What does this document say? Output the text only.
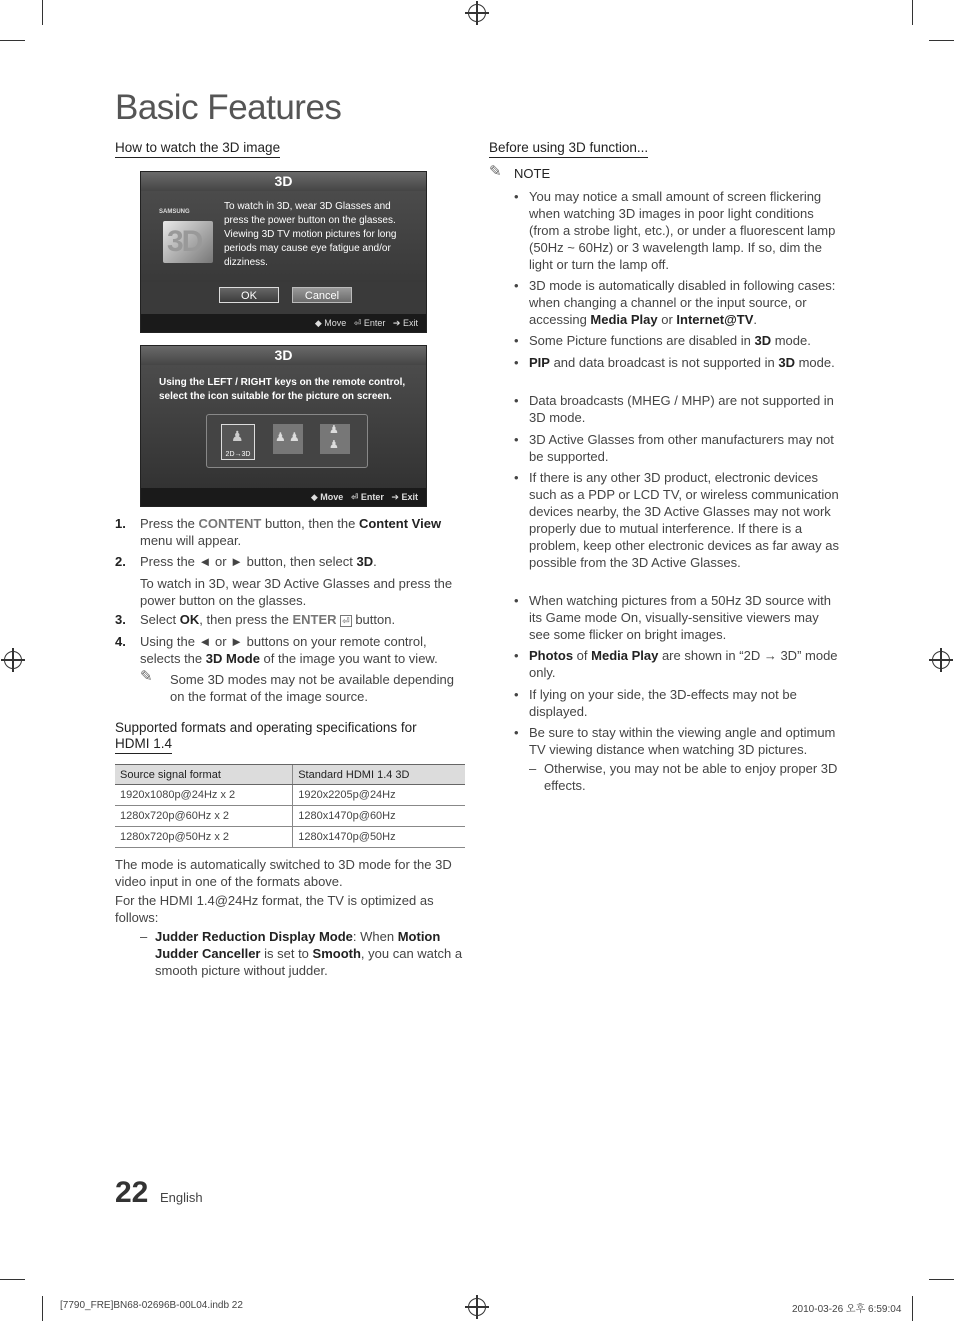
Basic Features
How to watch the 3D image
3D
SAMSUNG
3D
To watch in 3D, wear 3D Glasses and press the power button on the glasses. Viewing 3D TV motion pictures for long periods may cause eye fatigue and/or dizziness.
OK	Cancel
◆ Move ⏎ Enter ➔ Exit
3D
Using the LEFT / RIGHT keys on the remote control, select the icon suitable for the picture on screen.
♟
2D→3D
♟ ♟	♟
♟
◆ Move ⏎ Enter ➔ Exit
1. Press the CONTENT button, then the Content View menu will appear.
2. Press the ◄ or ► button, then select 3D.
To watch in 3D, wear 3D Active Glasses and press the power button on the glasses.
3. Select OK, then press the ENTER ⏎ button.
4. Using the ◄ or ► buttons on your remote control, selects the 3D Mode of the image you want to view.
✎ Some 3D modes may not be available depending on the format of the image source.
Supported formats and operating specifications for
HDMI 1.4
Source signal format	Standard HDMI 1.4 3D
1920x1080p@24Hz x 2	1920x2205p@24Hz
1280x720p@60Hz x 2	1280x1470p@60Hz
1280x720p@50Hz x 2	1280x1470p@50Hz
The mode is automatically switched to 3D mode for the 3D video input in one of the formats above.
For the HDMI 1.4@24Hz format, the TV is optimized as follows:
– Judder Reduction Display Mode: When Motion Judder Canceller is set to Smooth, you can watch a smooth picture without judder.
Before using 3D function...
✎ NOTE
• You may notice a small amount of screen flickering when watching 3D images in poor light conditions (from a strobe light, etc.), or under a fluorescent lamp (50Hz ~ 60Hz) or 3 wavelength lamp. If so, dim the light or turn the lamp off.
• 3D mode is automatically disabled in following cases: when changing a channel or the input source, or accessing Media Play or Internet@TV.
• Some Picture functions are disabled in 3D mode.
• PIP and data broadcast is not supported in 3D mode.
• Data broadcasts (MHEG / MHP) are not supported in 3D mode.
• 3D Active Glasses from other manufacturers may not be supported.
• If there is any other 3D product, electronic devices such as a PDP or LCD TV, or wireless communication devices nearby, the 3D Active Glasses may not work properly due to mutual interference. If there is a problem, keep other electronic devices as far away as possible from the 3D Active Glasses.
• When watching pictures from a 50Hz 3D source with its Game mode On, visually-sensitive viewers may see some flicker on bright images.
• Photos of Media Play are shown in “2D → 3D” mode only.
• If lying on your side, the 3D-effects may not be displayed.
• Be sure to stay within the viewing angle and optimum TV viewing distance when watching 3D pictures.
– Otherwise, you may not be able to enjoy proper 3D effects.
22 English
[7790_FRE]BN68-02696B-00L04.indb 22	2010-03-26 오후 6:59:04
